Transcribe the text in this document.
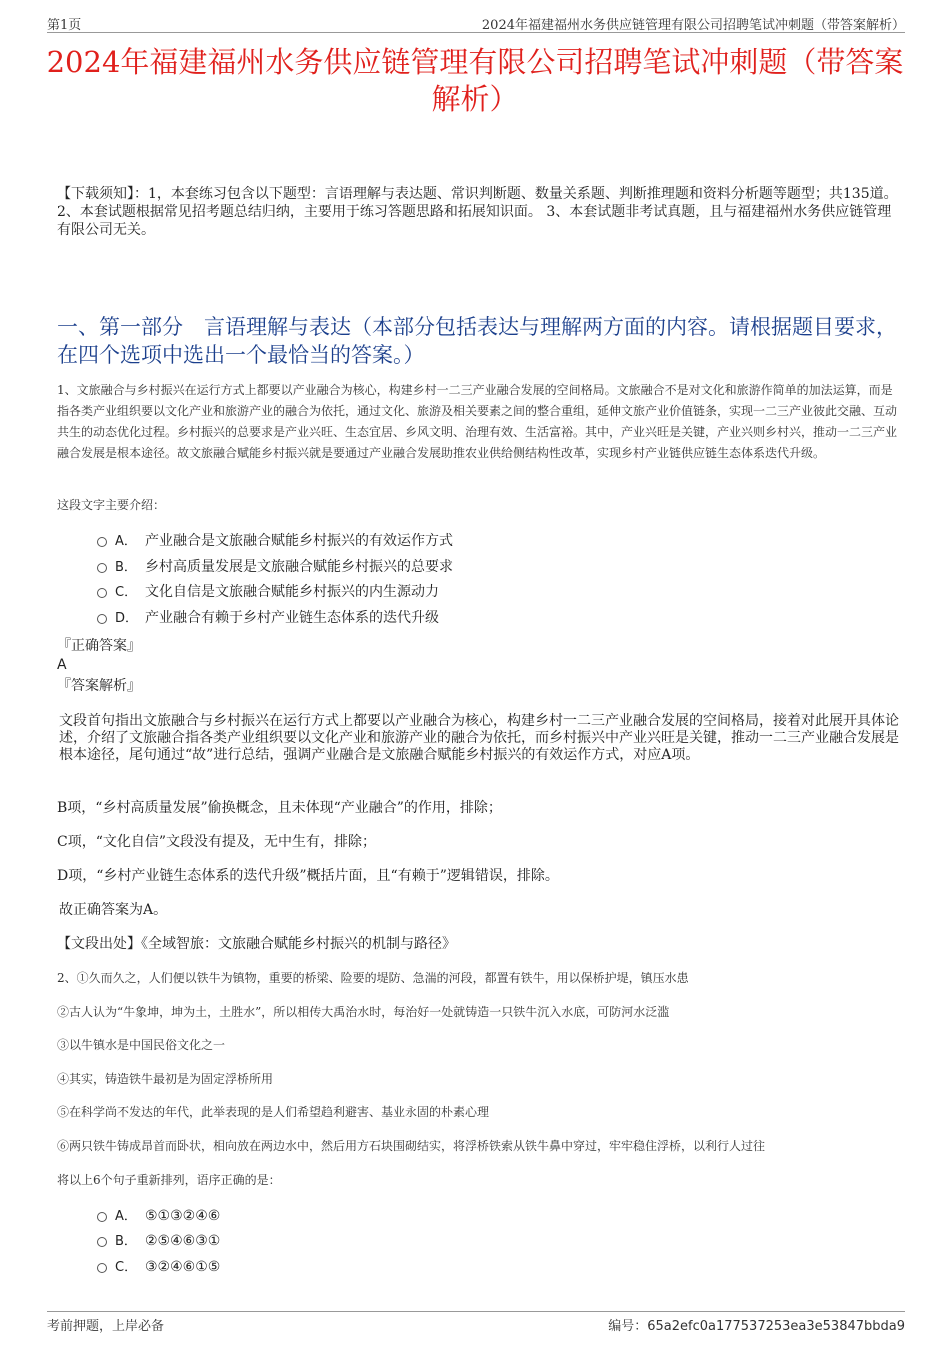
第1页	2024年福建福州水务供应链管理有限公司招聘笔试冲刺题（带答案解析）
2024年福建福州水务供应链管理有限公司招聘笔试冲刺题（带答案解析）
【下载须知】：1，本套练习包含以下题型：言语理解与表达题、常识判断题、数量关系题、判断推理题和资料分析题等题型；共135道。 2、本套试题根据常见招考题总结归纳，主要用于练习答题思路和拓展知识面。 3、本套试题非考试真题，且与福建福州水务供应链管理有限公司无关。
一、第一部分　言语理解与表达（本部分包括表达与理解两方面的内容。请根据题目要求，在四个选项中选出一个最恰当的答案。）
1、文旅融合与乡村振兴在运行方式上都要以产业融合为核心，构建乡村一二三产业融合发展的空间格局。文旅融合不是对文化和旅游作简单的加法运算，而是指各类产业组织要以文化产业和旅游产业的融合为依托，通过文化、旅游及相关要素之间的整合重组，延伸文旅产业价值链条，实现一二三产业彼此交融、互动共生的动态优化过程。乡村振兴的总要求是产业兴旺、生态宜居、乡风文明、治理有效、生活富裕。其中，产业兴旺是关键，产业兴则乡村兴，推动一二三产业融合发展是根本途径。故文旅融合赋能乡村振兴就是要通过产业融合发展助推农业供给侧结构性改革，实现乡村产业链供应链生态体系迭代升级。
这段文字主要介绍：
A． 产业融合是文旅融合赋能乡村振兴的有效运作方式
B． 乡村高质量发展是文旅融合赋能乡村振兴的总要求
C． 文化自信是文旅融合赋能乡村振兴的内生源动力
D． 产业融合有赖于乡村产业链生态体系的迭代升级
『正确答案』
A
『答案解析』
文段首句指出文旅融合与乡村振兴在运行方式上都要以产业融合为核心，构建乡村一二三产业融合发展的空间格局，接着对此展开具体论述，介绍了文旅融合指各类产业组织要以文化产业和旅游产业的融合为依托，而乡村振兴中产业兴旺是关键，推动一二三产业融合发展是根本途径，尾句通过“故”进行总结，强调产业融合是文旅融合赋能乡村振兴的有效运作方式，对应A项。
B项，“乡村高质量发展”偷换概念，且未体现“产业融合”的作用，排除；
C项，“文化自信”文段没有提及，无中生有，排除；
D项，“乡村产业链生态体系的迭代升级”概括片面，且“有赖于”逻辑错误，排除。
故正确答案为A。
【文段出处】《全域智旅：文旅融合赋能乡村振兴的机制与路径》
2、①久而久之，人们便以铁牛为镇物，重要的桥梁、险要的堤防、急湍的河段，都置有铁牛，用以保桥护堤，镇压水患
②古人认为“牛象坤，坤为土，土胜水”，所以相传大禹治水时，每治好一处就铸造一只铁牛沉入水底，可防河水泛滥
③以牛镇水是中国民俗文化之一
④其实，铸造铁牛最初是为固定浮桥所用
⑤在科学尚不发达的年代，此举表现的是人们希望趋利避害、基业永固的朴素心理
⑥两只铁牛铸成昂首而卧状，相向放在两边水中，然后用方石块围砌结实，将浮桥铁索从铁牛鼻中穿过，牢牢稳住浮桥，以利行人过往
将以上6个句子重新排列，语序正确的是：
A． ⑤①③②④⑥
B． ②⑤④⑥③①
C． ③②④⑥①⑤
考前押题，上岸必备	编号：65a2efc0a177537253ea3e53847bbda9
